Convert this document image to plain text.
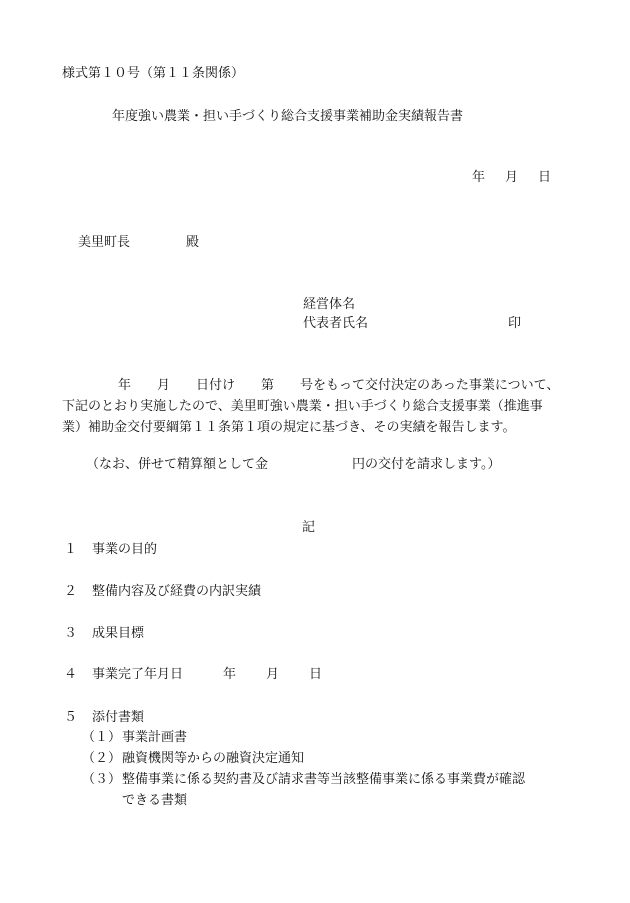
様式第１０号（第１１条関係）
年度強い農業・担い手づくり総合支援事業補助金実績報告書
年 月 日
美里町長	殿
経営体名
代表者氏名	印
年　　月　　日付け　　第　　号をもって交付決定のあった事業について、下記のとおり実施したので、美里町強い農業・担い手づくり総合支援事業（推進事業）補助金交付要綱第１１条第１項の規定に基づき、その実績を報告します。
（なお、併せて精算額として金	円の交付を請求します。）
記
１ 事業の目的
２ 整備内容及び経費の内訳実績
３ 成果目標
４ 事業完了年月日	年 月 日
５ 添付書類
（１）事業計画書
（２）融資機関等からの融資決定通知
（３）整備事業に係る契約書及び請求書等当該整備事業に係る事業費が確認
できる書類
